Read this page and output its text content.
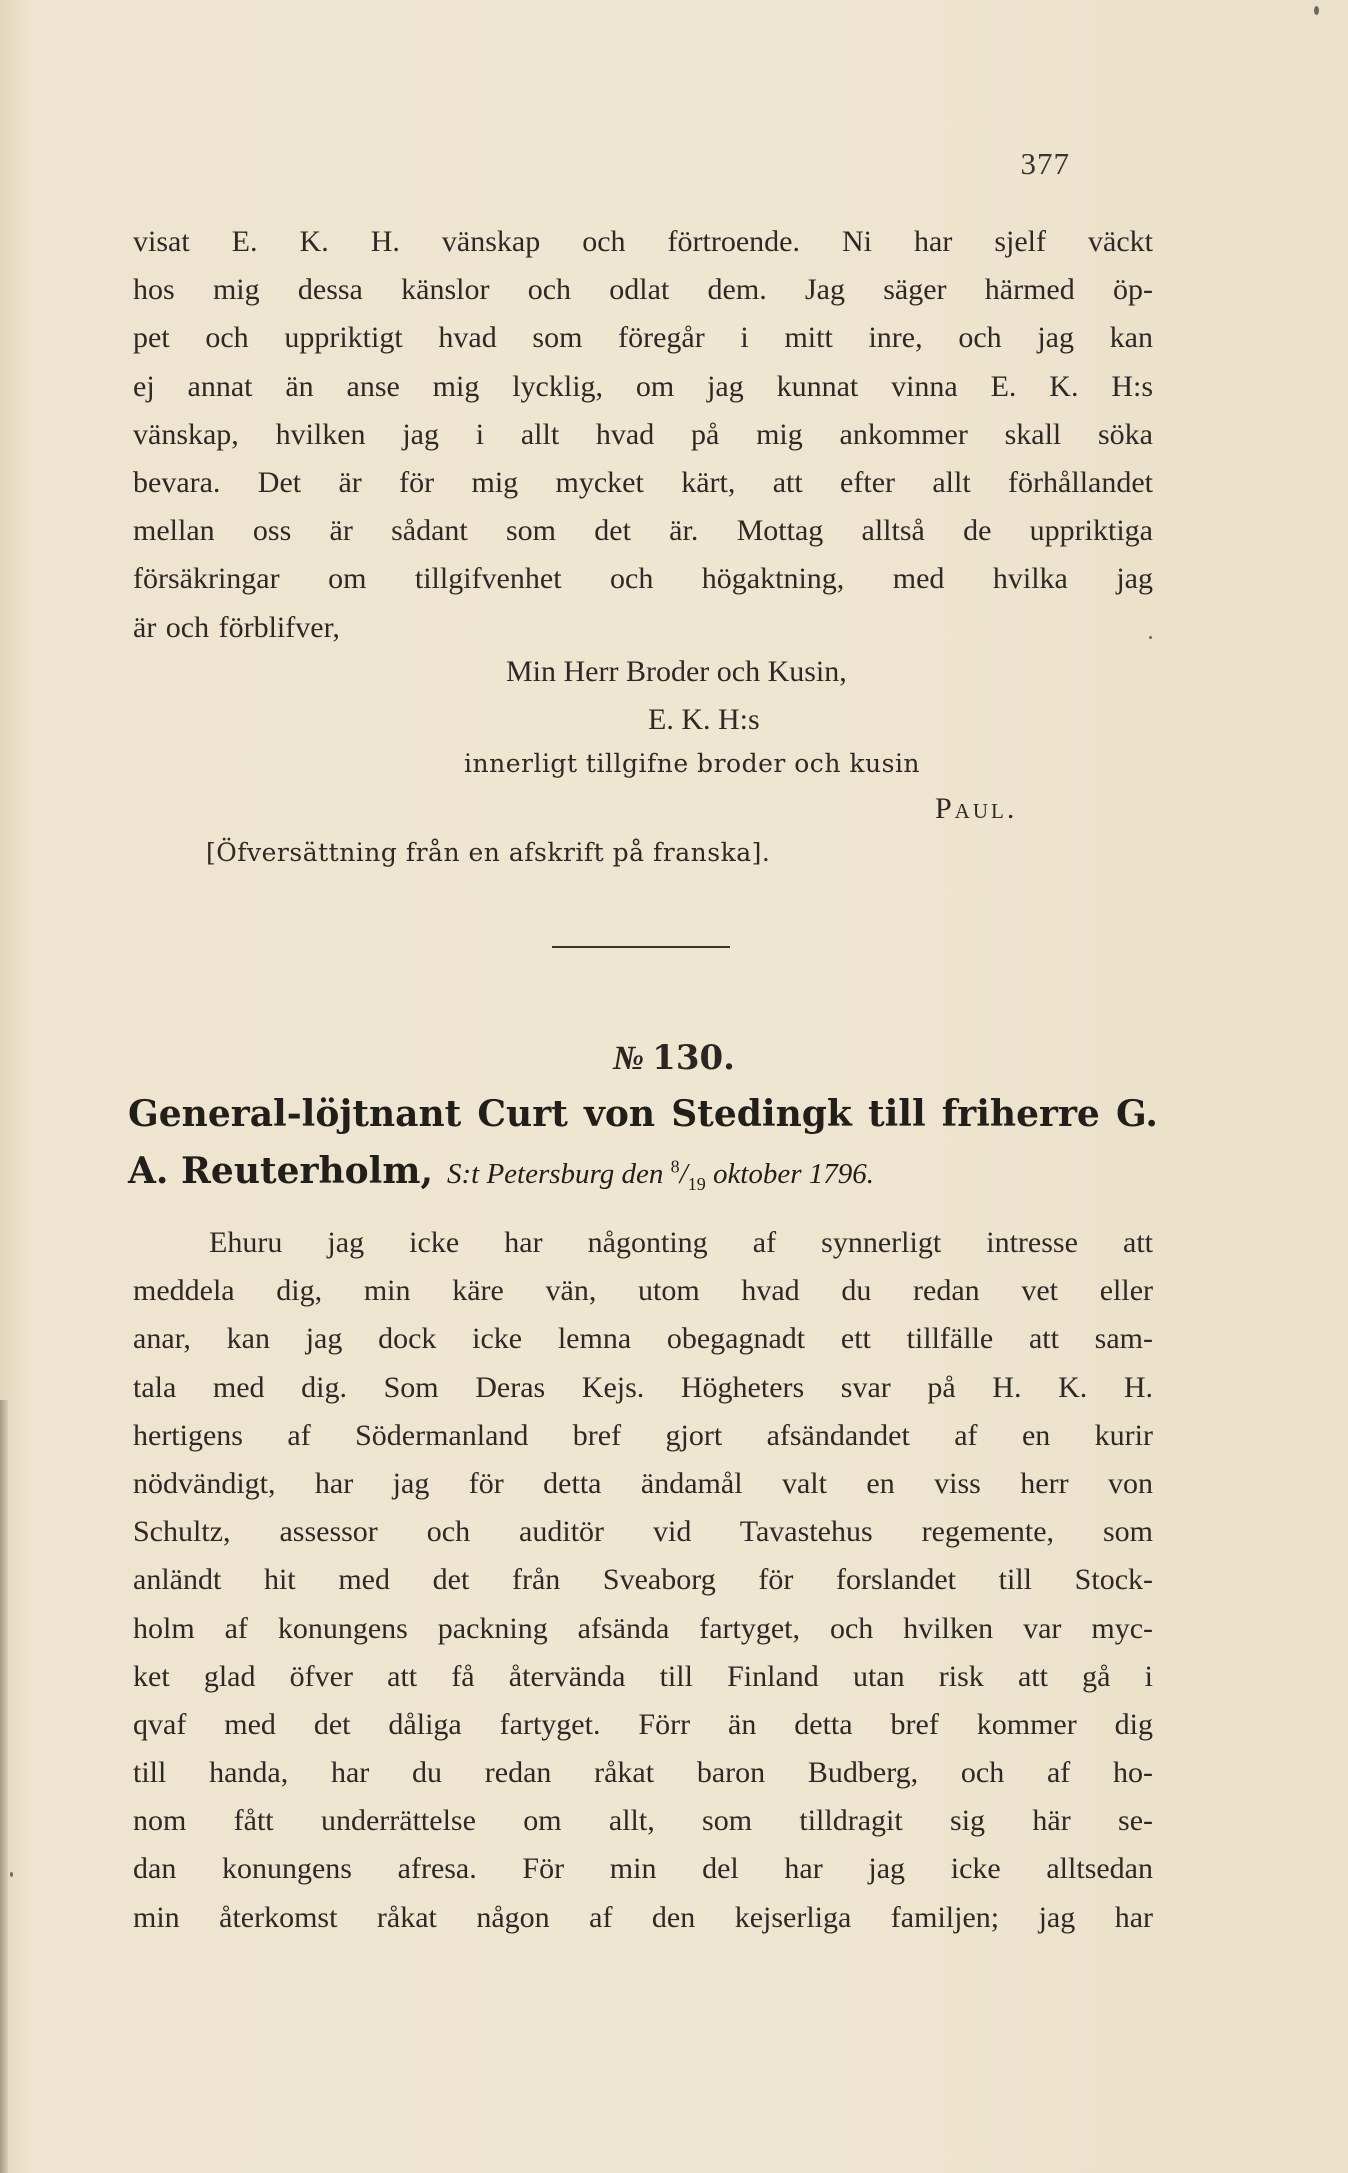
377
visat E. K. H. vänskap och förtroende. Ni har sjelf väckt
hos mig dessa känslor och odlat dem. Jag säger härmed öp-
pet och uppriktigt hvad som föregår i mitt inre, och jag kan
ej annat än anse mig lycklig, om jag kunnat vinna E. K. H:s
vänskap, hvilken jag i allt hvad på mig ankommer skall söka
bevara. Det är för mig mycket kärt, att efter allt förhållandet
mellan oss är sådant som det är. Mottag alltså de uppriktiga
försäkringar om tillgifvenhet och högaktning, med hvilka jag
är och förblifver,
Min Herr Broder och Kusin,
E. K. H:s
innerligt tillgifne broder och kusin
Paul.
[Öfversättning från en afskrift på franska].
№ 130.
General-löjtnant Curt von Stedingk till friherre G.
A. Reuterholm, S:t Petersburg den $^8/_{19}$ oktober 1796.
Ehuru jag icke har någonting af synnerligt intresse att
meddela dig, min käre vän, utom hvad du redan vet eller
anar, kan jag dock icke lemna obegagnadt ett tillfälle att sam-
tala med dig. Som Deras Kejs. Högheters svar på H. K. H.
hertigens af Södermanland bref gjort afsändandet af en kurir
nödvändigt, har jag för detta ändamål valt en viss herr von
Schultz, assessor och auditör vid Tavastehus regemente, som
anländt hit med det från Sveaborg för forslandet till Stock-
holm af konungens packning afsända fartyget, och hvilken var myc-
ket glad öfver att få återvända till Finland utan risk att gå i
qvaf med det dåliga fartyget. Förr än detta bref kommer dig
till handa, har du redan råkat baron Budberg, och af ho-
nom fått underrättelse om allt, som tilldragit sig här se-
dan konungens afresa. För min del har jag icke alltsedan
min återkomst råkat någon af den kejserliga familjen; jag har
